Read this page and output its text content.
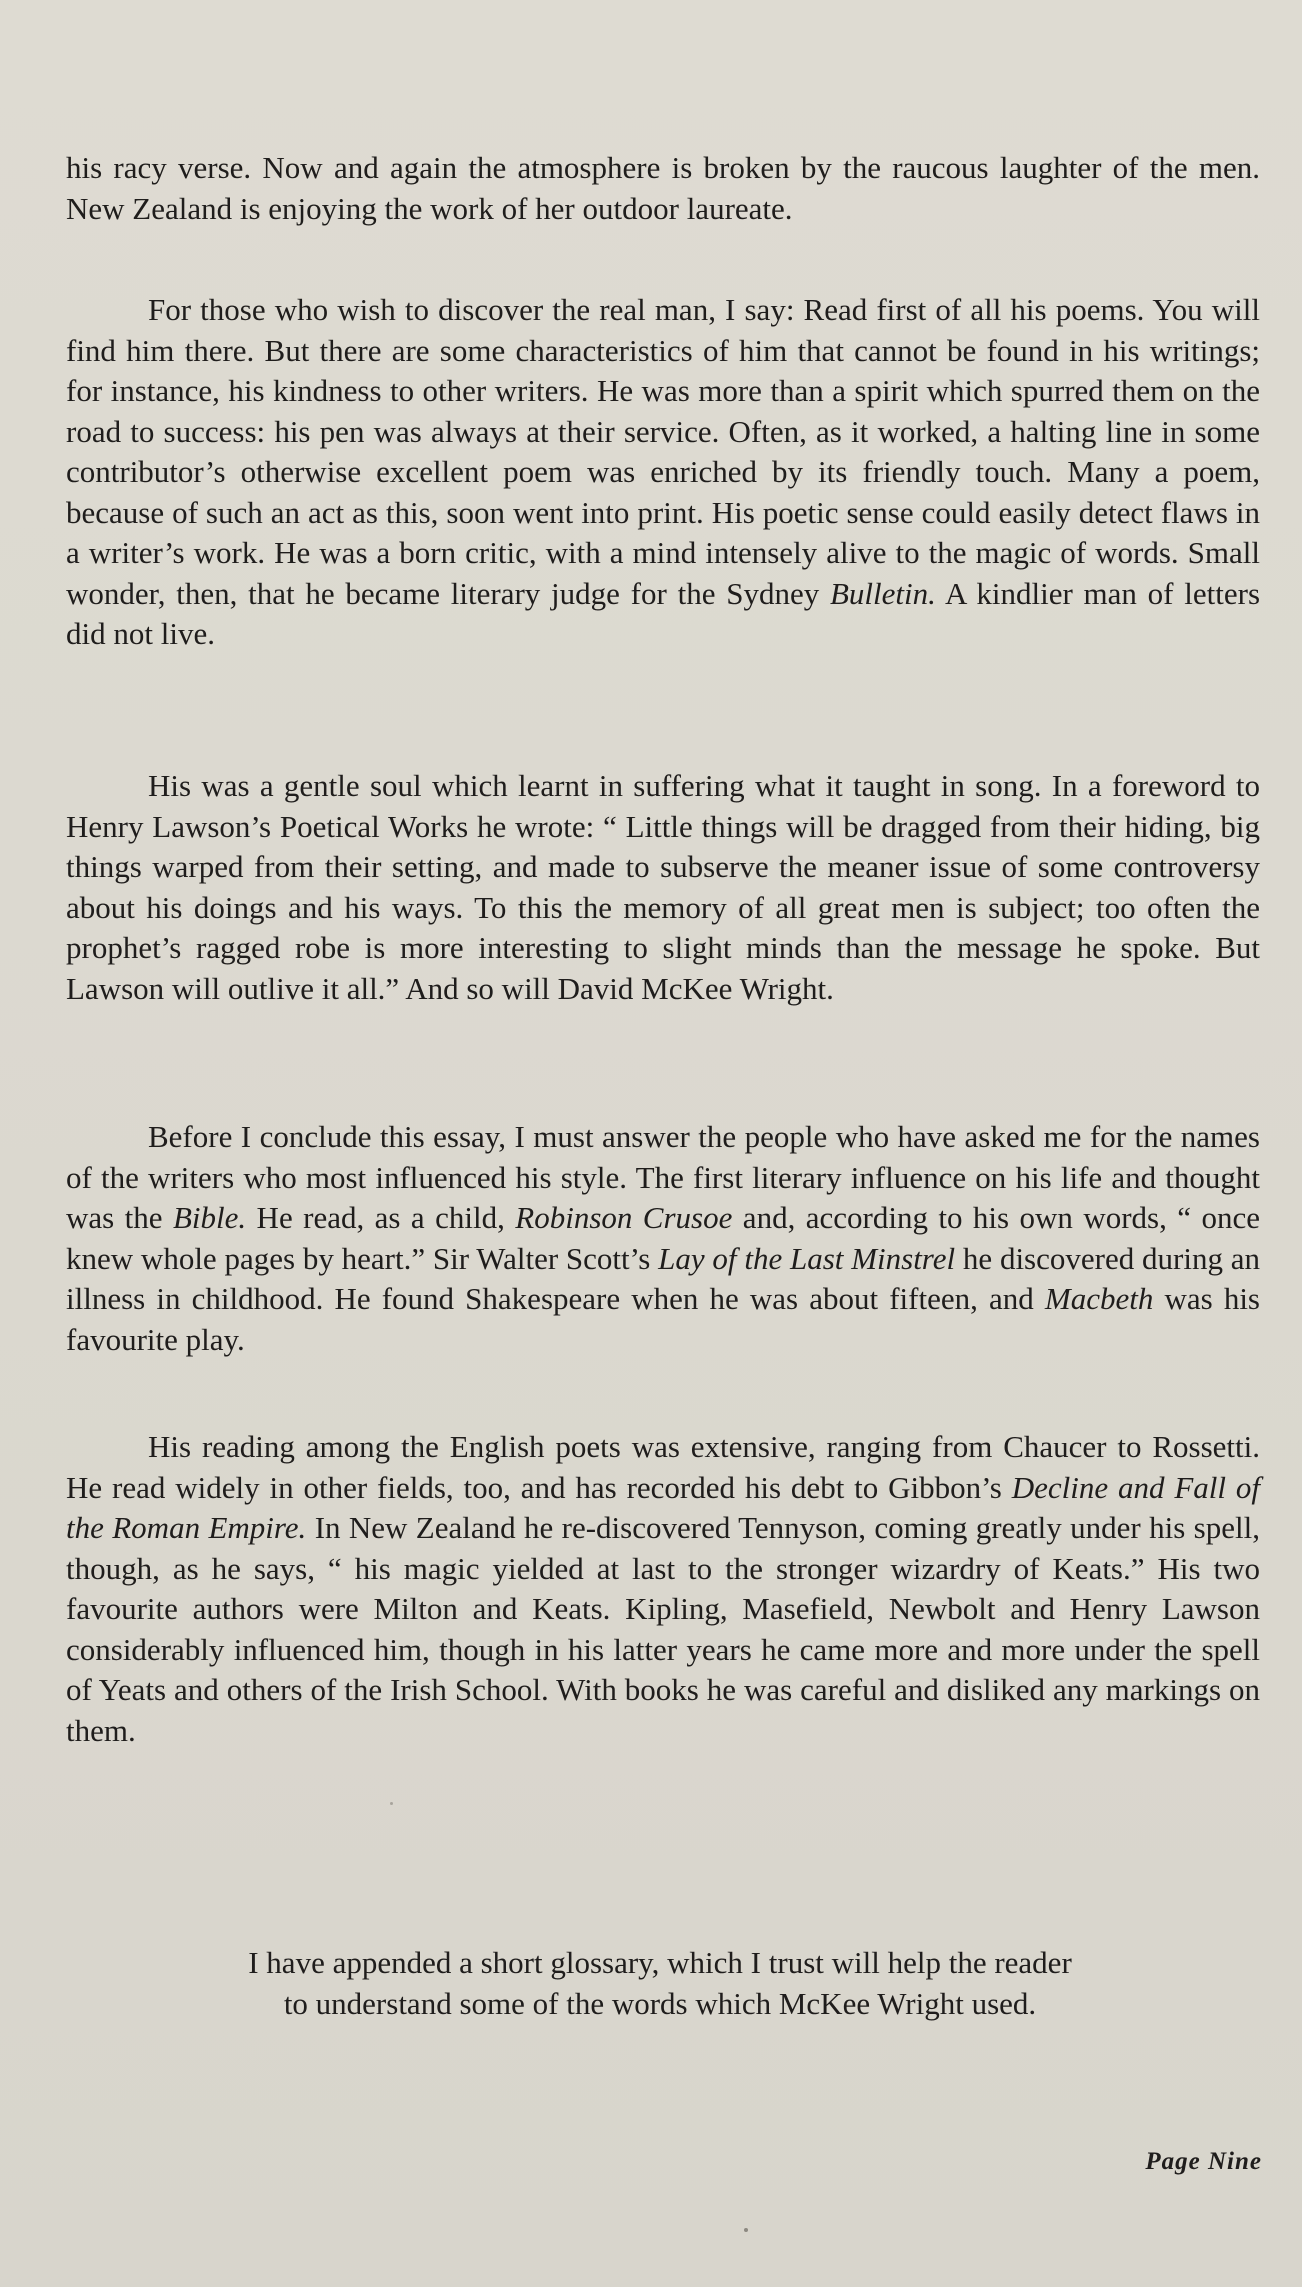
his racy verse. Now and again the atmosphere is broken by the raucous laughter of the men. New Zealand is enjoying the work of her outdoor laureate.

For those who wish to discover the real man, I say: Read first of all his poems. You will find him there. But there are some characteristics of him that cannot be found in his writings; for instance, his kindness to other writers. He was more than a spirit which spurred them on the road to success: his pen was always at their service. Often, as it worked, a halting line in some contributor’s otherwise excellent poem was enriched by its friendly touch. Many a poem, because of such an act as this, soon went into print. His poetic sense could easily detect flaws in a writer’s work. He was a born critic, with a mind intensely alive to the magic of words. Small wonder, then, that he became literary judge for the Sydney Bulletin. A kindlier man of letters did not live.

His was a gentle soul which learnt in suffering what it taught in song. In a foreword to Henry Lawson’s Poetical Works he wrote: “ Little things will be dragged from their hiding, big things warped from their setting, and made to subserve the meaner issue of some controversy about his doings and his ways. To this the memory of all great men is subject; too often the prophet’s ragged robe is more interesting to slight minds than the message he spoke. But Lawson will outlive it all.” And so will David McKee Wright.

Before I conclude this essay, I must answer the people who have asked me for the names of the writers who most influenced his style. The first literary influence on his life and thought was the Bible. He read, as a child, Robinson Crusoe and, according to his own words, “ once knew whole pages by heart.” Sir Walter Scott’s Lay of the Last Minstrel he discovered during an illness in childhood. He found Shakespeare when he was about fifteen, and Macbeth was his favourite play.

His reading among the English poets was extensive, ranging from Chaucer to Rossetti. He read widely in other fields, too, and has recorded his debt to Gibbon’s Decline and Fall of the Roman Empire. In New Zealand he re-discovered Tennyson, coming greatly under his spell, though, as he says, “ his magic yielded at last to the stronger wizardry of Keats.” His two favourite authors were Milton and Keats. Kipling, Masefield, Newbolt and Henry Lawson considerably influenced him, though in his latter years he came more and more under the spell of Yeats and others of the Irish School. With books he was careful and disliked any markings on them.

I have appended a short glossary, which I trust will help the reader

to understand some of the words which McKee Wright used.

Page Nine
